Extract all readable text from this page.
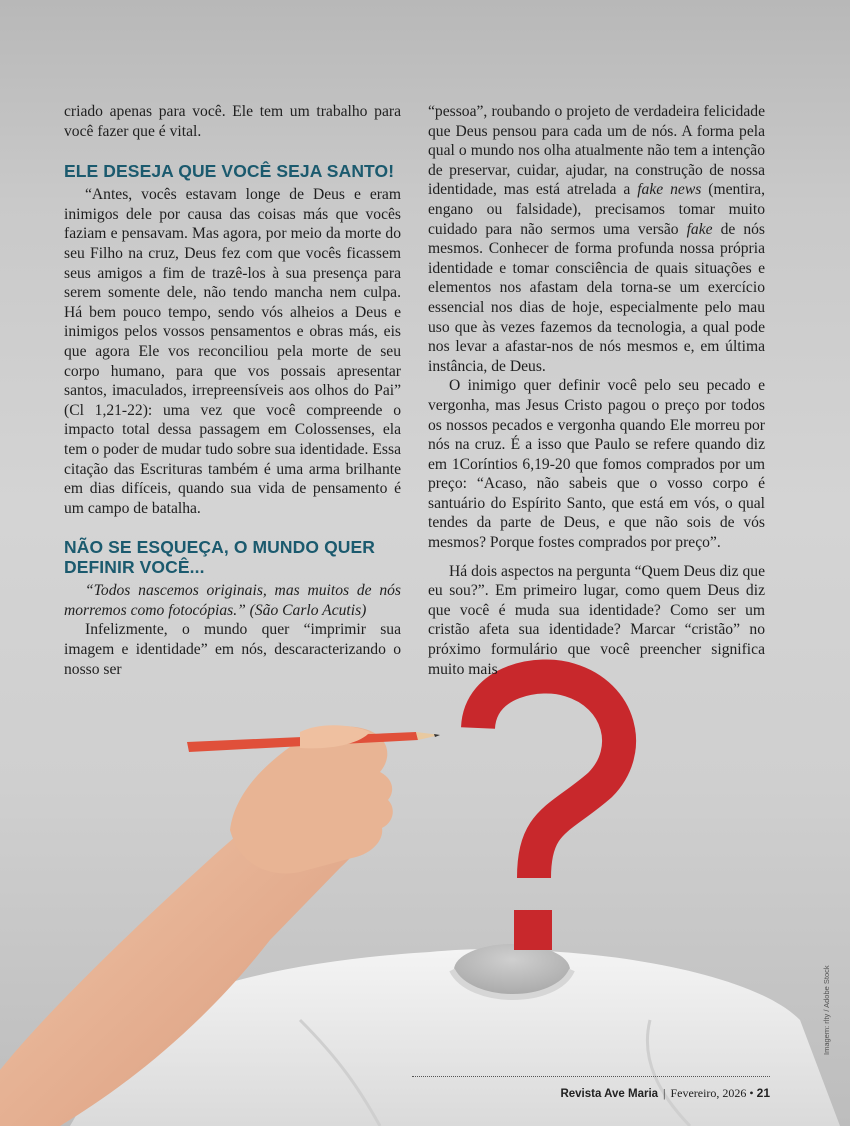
criado apenas para você. Ele tem um trabalho para você fazer que é vital.

ELE DESEJA QUE VOCÊ SEJA SANTO!

“Antes, vocês estavam longe de Deus e eram inimigos dele por causa das coisas más que vocês faziam e pensavam. Mas agora, por meio da morte do seu Filho na cruz, Deus fez com que vocês ficassem seus amigos a fim de trazê-los à sua presença para serem somente dele, não tendo mancha nem culpa. Há bem pouco tempo, sendo vós alheios a Deus e inimigos pelos vossos pensamentos e obras más, eis que agora Ele vos reconciliou pela morte de seu corpo humano, para que vos possais apresentar santos, imaculados, irrepreensíveis aos olhos do Pai” (Cl 1,21-22): uma vez que você compreende o impacto total dessa passagem em Colossenses, ela tem o poder de mudar tudo sobre sua identidade. Essa citação das Escrituras também é uma arma brilhante em dias difíceis, quando sua vida de pensamento é um campo de batalha.

NÃO SE ESQUEÇA, O MUNDO QUER DEFINIR VOCÊ...

“Todos nascemos originais, mas muitos de nós morremos como fotocópias.” (São Carlo Acutis)

Infelizmente, o mundo quer “imprimir sua imagem e identidade” em nós, descaracterizando o nosso ser

“pessoa”, roubando o projeto de verdadeira felicidade que Deus pensou para cada um de nós. A forma pela qual o mundo nos olha atualmente não tem a intenção de preservar, cuidar, ajudar, na construção de nossa identidade, mas está atrelada a fake news (mentira, engano ou falsidade), precisamos tomar muito cuidado para não sermos uma versão fake de nós mesmos. Conhecer de forma profunda nossa própria identidade e tomar consciência de quais situações e elementos nos afastam dela torna-se um exercício essencial nos dias de hoje, especialmente pelo mau uso que às vezes fazemos da tecnologia, a qual pode nos levar a afastar-nos de nós mesmos e, em última instância, de Deus.

O inimigo quer definir você pelo seu pecado e vergonha, mas Jesus Cristo pagou o preço por todos os nossos pecados e vergonha quando Ele morreu por nós na cruz. É a isso que Paulo se refere quando diz em 1Coríntios 6,19-20 que fomos comprados por um preço: “Acaso, não sabeis que o vosso corpo é santuário do Espírito Santo, que está em vós, o qual tendes da parte de Deus, e que não sois de vós mesmos? Porque fostes comprados por preço”.

Há dois aspectos na pergunta “Quem Deus diz que eu sou?”. Em primeiro lugar, como quem Deus diz que você é muda sua identidade? Como ser um cristão afeta sua identidade? Marcar “cristão” no próximo formulário que você preencher significa muito mais

Imagem: rlty / Adobe Stock
Revista Ave Maria | Fevereiro, 2026 • 21
